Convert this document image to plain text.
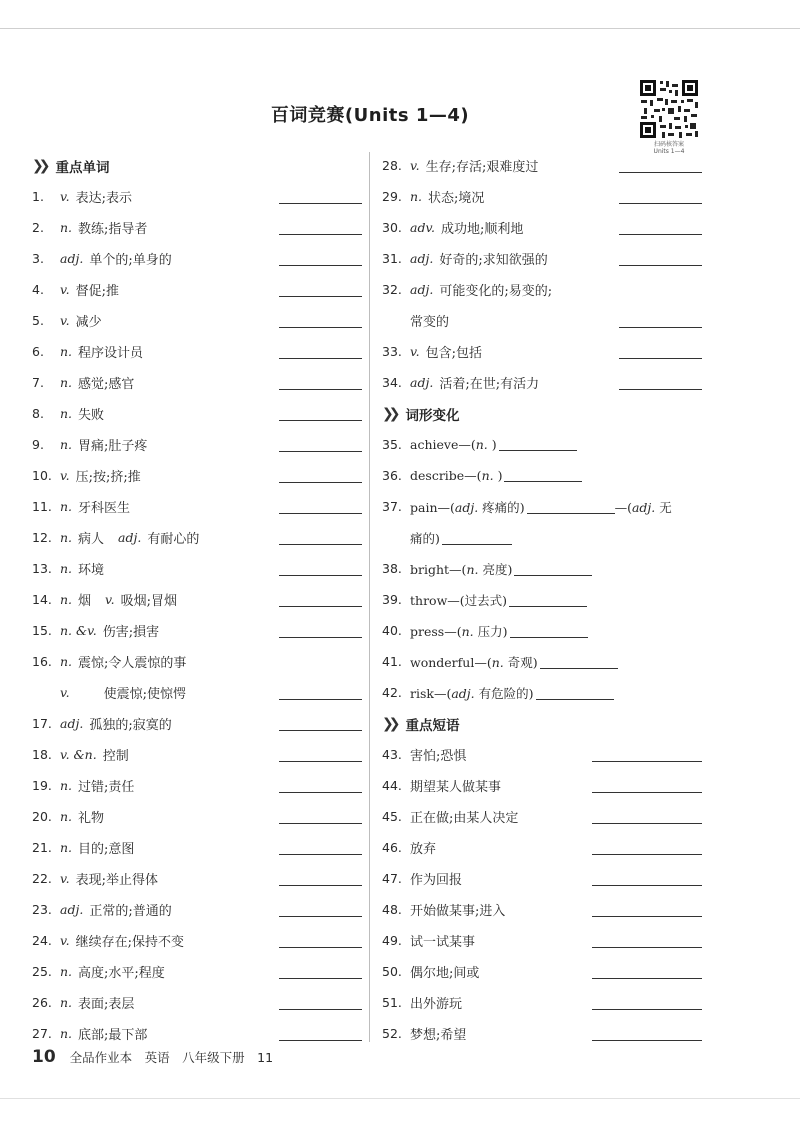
百词竞赛(Units 1—4)
扫码核答案
Units 1—4
❯❯ 重点单词
1.	v. 表达;表示
2.	n. 教练;指导者
3.	adj. 单个的;单身的
4.	v. 督促;推
5.	v. 减少
6.	n. 程序设计员
7.	n. 感觉;感官
8.	n. 失败
9.	n. 胃痛;肚子疼
10. v. 压;按;挤;推
11. n. 牙科医生
12. n. 病人 adj. 有耐心的
13. n. 环境
14. n. 烟 v. 吸烟;冒烟
15. n. &v. 伤害;損害
16. n. 震惊;令人震惊的事
v.	使震惊;使惊愕
17. adj. 孤独的;寂寞的
18. v. &n. 控制
19. n. 过错;责任
20. n. 礼物
21. n. 目的;意图
22. v. 表现;举止得体
23. adj. 正常的;普通的
24. v. 继续存在;保持不变
25. n. 高度;水平;程度
26. n. 表面;表层
27. n. 底部;最下部
28. v. 生存;存活;艰难度过
29. n. 状态;境况
30. adv. 成功地;顺利地
31. adj. 好奇的;求知欲强的
32. adj. 可能变化的;易变的;
常变的
33. v. 包含;包括
34. adj. 活着;在世;有活力
❯❯ 词形变化
35. achieve—(n. )
36. describe—(n. )
37. pain—(adj. 疼痛的)	—(adj. 无
痛的)
38. bright—(n. 亮度)
39. throw—(过去式)
40. press—(n. 压力)
41. wonderful—(n. 奇观)
42. risk—(adj. 有危险的)
❯❯ 重点短语
43. 害怕;恐惧
44. 期望某人做某事
45. 正在做;由某人决定
46. 放弃
47. 作为回报
48. 开始做某事;进入
49. 试一试某事
50. 偶尔地;间或
51. 出外游玩
52. 梦想;希望
10 全品作业本　英语　八年级下册　11
